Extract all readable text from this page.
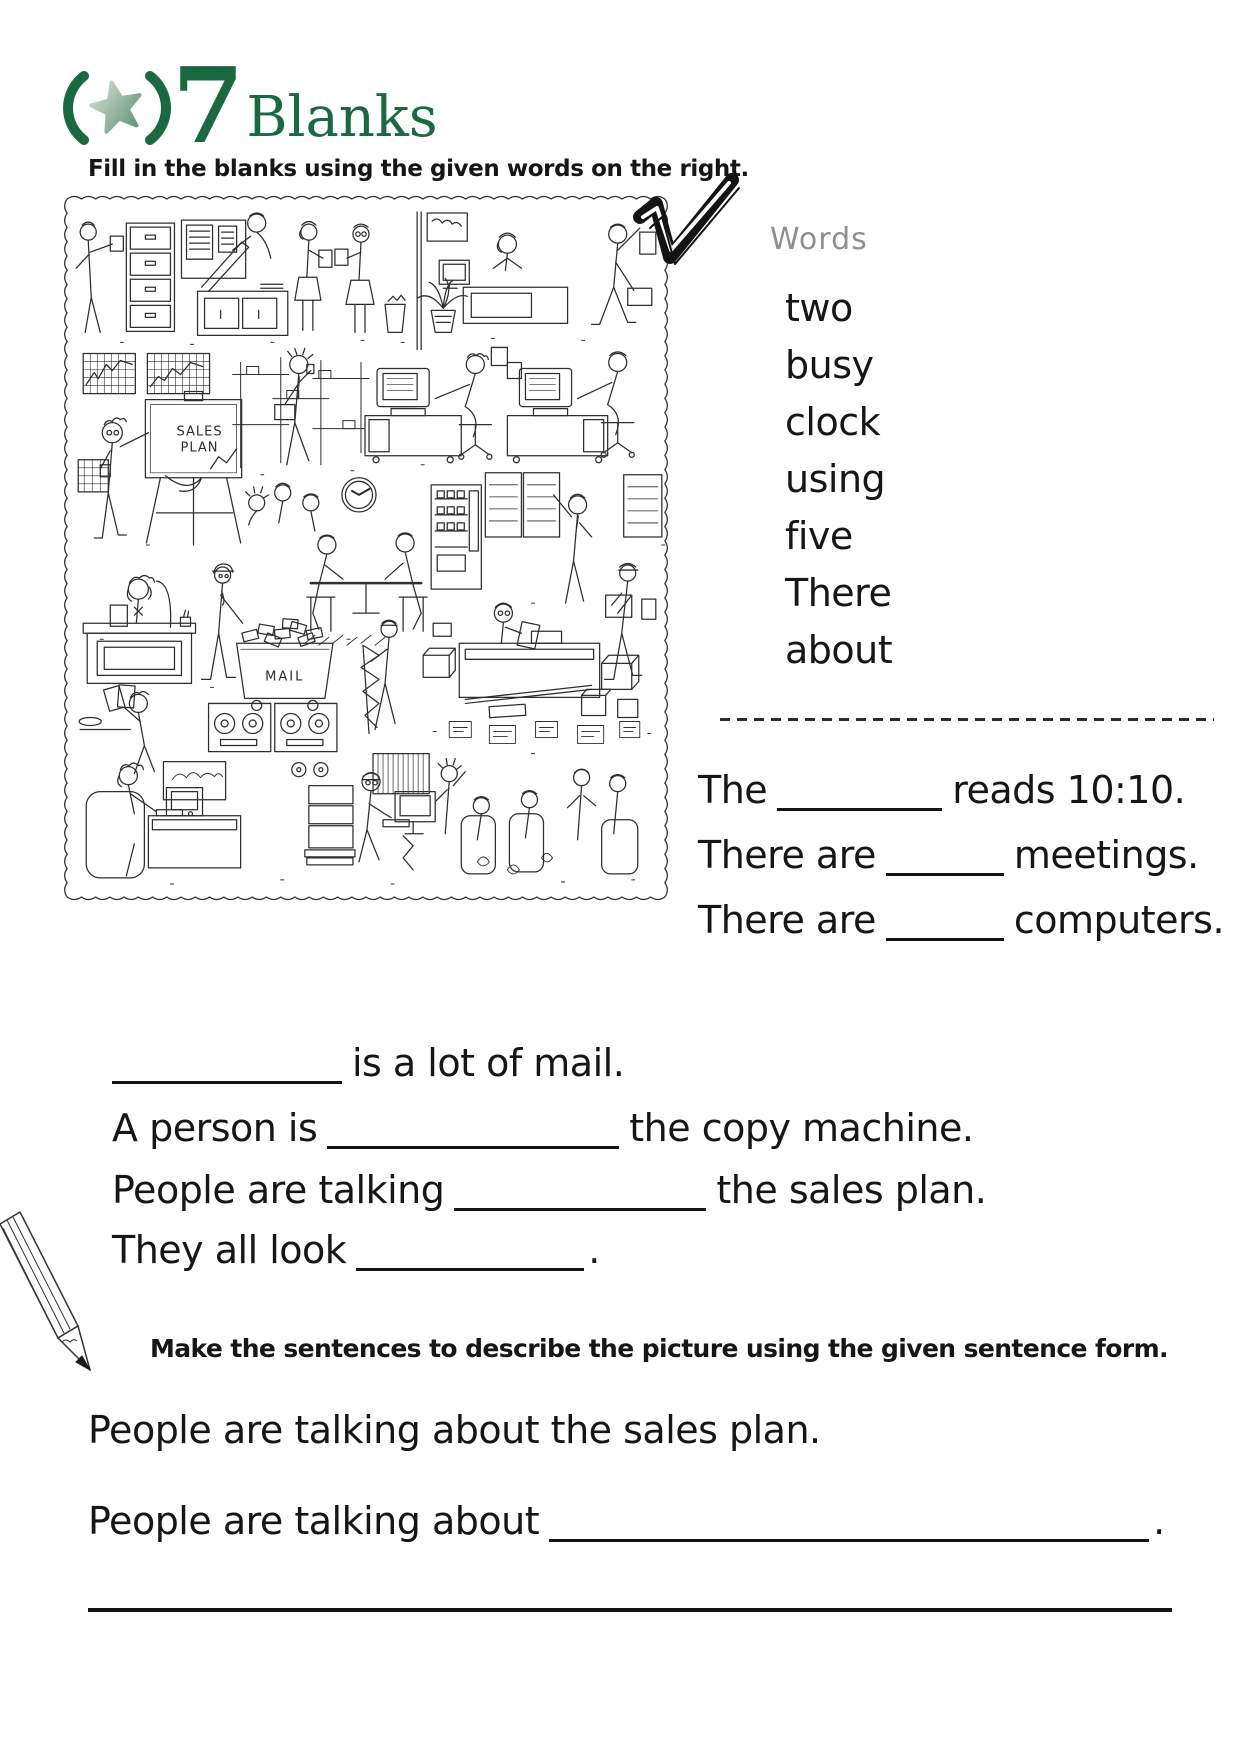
7 Blanks
Fill in the blanks using the given words on the right.
SALES
PLAN
MAIL
Words
two
busy
clock
using
five
There
about
The	reads 10:10.
There are	meetings.
There are	computers.
is a lot of mail.
A person is	the copy machine.
People are talking	the sales plan.
They all look	.
Make the sentences to describe the picture using the given sentence form.
People are talking about the sales plan.
People are talking about	.
